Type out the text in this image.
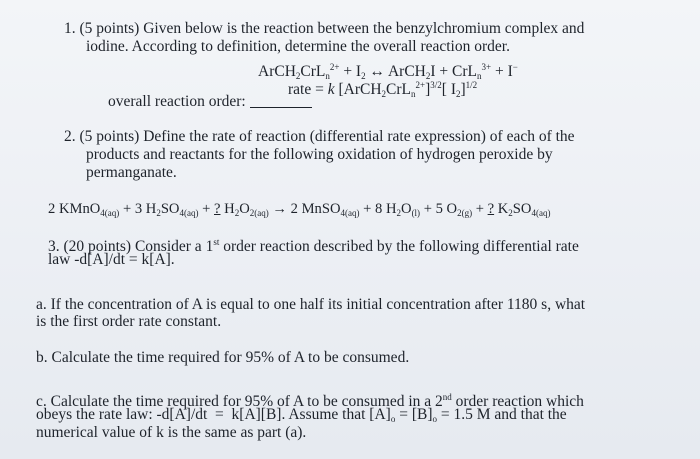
1. (5 points) Given below is the reaction between the benzylchromium complex and
iodine. According to definition, determine the overall reaction order.
ArCH$_2$CrL$_n^{2+}$ + $I_2$ ↔ ArCH$_2$I + CrL$_n^{3+}$ + I−
rate = k [ArCH$_2$CrL$_n^{2+}$]$^{3/2}$[ $I_2]^{1/2}$
overall reaction order:
2. (5 points) Define the rate of reaction (differential rate expression) of each of the
products and reactants for the following oxidation of hydrogen peroxide by
permanganate.
2 KMnO$_{4(aq)}$ + 3 $H_2SO_{4(aq)}$ + ? $H_2O_{2(aq)} \to 2$ MnSO$_{4(aq)}$ + 8 $H_2O_{(l)} + 5$ $O_{2(g)}$ + ? $K_2SO_{4(aq)}$
3. (20 points) Consider a 1st order reaction described by the following differential rate
law -d[A]/dt = k[A].
a. If the concentration of A is equal to one half its initial concentration after 1180 s, what
is the first order rate constant.
b. Calculate the time required for 95% of A to be consumed.
c. Calculate the time required for 95% of A to be consumed in a 2nd order reaction which
obeys the rate law: -d[A]/dt  =  k[A][B]. Assume that $[A]_o = [B]_o = 1.5$ M and that the
numerical value of k is the same as part (a).
